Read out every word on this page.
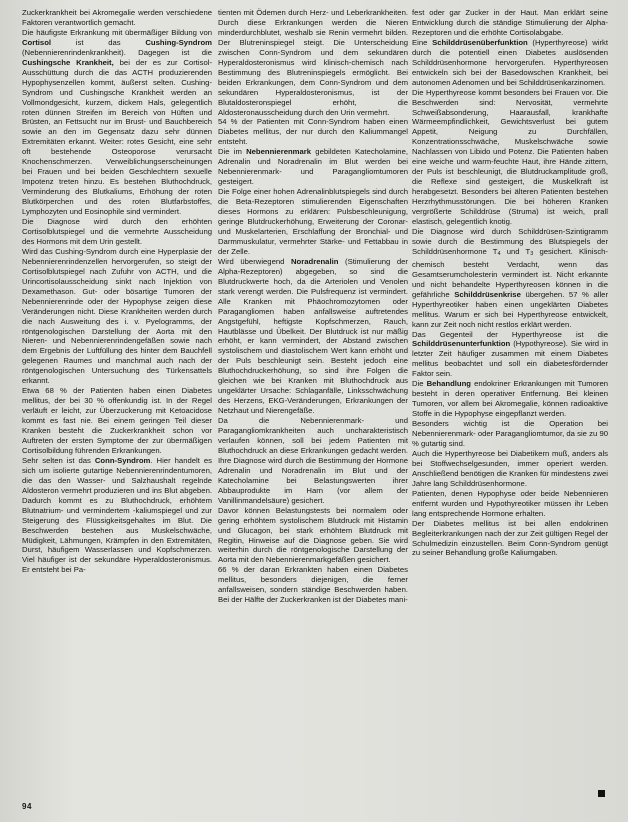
Zuckerkrankheit bei Akromegalie werden verschiedene Faktoren verantwortlich gemacht.

Die häufigste Erkrankung mit übermäßiger Bildung von Cortisol ist das Cushing-Syndrom (Nebennierenrindenkrankheit). Dagegen ist die Cushingsche Krankheit, bei der es zur Cortisol-Ausschüttung durch die das ACTH produzierenden Hypophysenzellen kommt, äußerst selten. Cushing-Syndrom und Cushingsche Krankheit werden an Vollmondgesicht, kurzem, dickem Hals, gelegentlich roten dünnen Streifen im Bereich von Hüften und Brüsten, an Fettsucht nur im Brust- und Bauchbereich sowie an den im Gegensatz dazu sehr dünnen Extremitäten erkannt. Weiter: rotes Gesicht, eine sehr oft bestehende Osteoporose verursacht Knochenschmerzen. Verweiblichungserscheinungen bei Frauen und bei beiden Geschlechtern sexuelle Impotenz treten hinzu. Es bestehen Bluthochdruck, Verminderung des Blutkaliums, Erhöhung der roten Blutkörperchen und des roten Blutfarbstoffes, Lymphozyten und Eosinophile sind vermindert.

Die Diagnose wird durch den erhöhten Cortisolblutspiegel und die vermehrte Ausscheidung des Hormons mit dem Urin gestellt.

Wird das Cushing-Syndrom durch eine Hyperplasie der Nebennierenrindenzellen hervorgerufen, so steigt der Cortisolblutspiegel nach Zufuhr von ACTH, und die Urincortisolausscheidung sinkt nach Injektion von Dexamethason. Gut- oder bösartige Tumoren der Nebennierenrinde oder der Hypophyse zeigen diese Veränderungen nicht. Diese Krankheiten werden durch die nach Ausweitung des i. v. Pyelogramms, der röntgenologischen Darstellung der Aorta mit den Nieren- und Nebennierenrindengefäßen sowie nach dem Ergebnis der Luftfüllung des hinter dem Bauchfell gelegenen Raumes und manchmal auch nach der röntgenologischen Untersuchung des Türkensattels erkannt.

Etwa 68 % der Patienten haben einen Diabetes mellitus, der bei 30 % offenkundig ist. In der Regel verläuft er leicht, zur Überzuckerung mit Ketoacidose kommt es fast nie. Bei einem geringen Teil dieser Kranken besteht die Zuckerkrankheit schon vor Auftreten der ersten Symptome der zur übermäßigen Cortisolbildung führenden Erkrankungen.

Sehr selten ist das Conn-Syndrom. Hier handelt es sich um isolierte gutartige Nebennierenrindentumoren, die das den Wasser- und Salzhaushalt regelnde Aldosteron vermehrt produzieren und ins Blut abgeben. Dadurch kommt es zu Bluthochdruck, erhöhtem Blutnatrium- und vermindertem -kaliumspiegel und zur Steigerung des Flüssigkeitsgehaltes im Blut. Die Beschwerden bestehen aus Muskelschwäche, Müdigkeit, Lähmungen, Krämpfen in den Extremitäten, Durst, häufigem Wasserlassen und Kopfschmerzen. Viel häufiger ist der sekundäre Hyperaldosteronismus. Er entsteht bei Pa-

tienten mit Ödemen durch Herz- und Leberkrankheiten. Durch diese Erkrankungen werden die Nieren minderdurchblutet, weshalb sie Renin vermehrt bilden. Der Blutreninspiegel steigt. Die Unterscheidung zwischen Conn-Syndrom und dem sekundären Hyperaldosteronismus wird klinisch-chemisch nach Bestimmung des Blutreninspiegels ermöglicht. Bei beiden Erkrankungen, dem Conn-Syndrom und dem sekundären Hyperaldosteronismus, ist der Blutaldosteronspiegel erhöht, die Aldosteronausscheidung durch den Urin vermehrt.

54 % der Patienten mit Conn-Syndrom haben einen Diabetes mellitus, der nur durch den Kaliummangel entsteht.

Die im Nebennierenmark gebildeten Katecholamine, Adrenalin und Noradrenalin im Blut werden bei Nebennierenmark- und Paragangliomtumoren gesteigert.

Die Folge einer hohen Adrenalinblutspiegels sind durch die Beta-Rezeptoren stimulierenden Eigenschaften dieses Hormons zu erklären: Pulsbeschleunigung, geringe Blutdruckerhöhung, Erweiterung der Coronar- und Muskelarterien, Erschlaffung der Bronchial- und Darmmuskulatur, vermehrter Stärke- und Fettabbau in der Zelle.

Wird überwiegend Noradrenalin (Stimulierung der Alpha-Rezeptoren) abgegeben, so sind die Blutdruckwerte hoch, da die Arteriolen und Venolen stark verengt werden. Die Pulsfrequenz ist vermindert. Alle Kranken mit Phäochromozytomen oder Paragangliomen haben anfallsweise auftretendes Angstgefühl, heftigste Kopfschmerzen, Rauch, Hautblässe und Übelkeit. Der Blutdruck ist nur mäßig erhöht, er kann vermindert, der Abstand zwischen systolischem und diastolischem Wert kann erhöht und der Puls beschleunigt sein. Besteht jedoch eine Bluthochdruckerhöhung, so sind ihre Folgen die gleichen wie bei Kranken mit Bluthochdruck aus ungeklärter Ursache: Schlaganfälle, Linksschwächung des Herzens, EKG-Veränderungen, Erkrankungen der Netzhaut und Nierengefäße.

Da die Nebennierenmark- und Paragangliomkrankheiten auch uncharakteristisch verlaufen können, soll bei jedem Patienten mit Bluthochdruck an diese Erkrankungen gedacht werden. Ihre Diagnose wird durch die Bestimmung der Hormone Adrenalin und Noradrenalin im Blut und der Katecholamine bei Belastungswerten ihrer Abbauprodukte im Harn (vor allem der Vanillinmandelsäure) gesichert.

Davor können Belastungstests bei normalem oder gering erhöhtem systolischem Blutdruck mit Histamin und Glucagon, bei stark erhöhtem Blutdruck mit Regitin, Hinweise auf die Diagnose geben. Sie wird weiterhin durch die röntgenologische Darstellung der Aorta mit den Nebennierenmarkgefäßen gesichert.

66 % der daran Erkrankten haben einen Diabetes mellitus, besonders diejenigen, die ferner anfallsweisen, sondern ständige Beschwerden haben. Bei der Hälfte der Zuckerkranken ist der Diabetes mani-

fest oder gar Zucker in der Haut. Man erklärt seine Entwicklung durch die ständige Stimulierung der Alpha-Rezeptoren und die erhöhte Cortisolabgabe.

Eine Schilddrüsenüberfunktion (Hyperthyreose) wirkt durch die potentiell einen Diabetes auslösenden Schilddrüsenhormone hervorgerufen. Hyperthyreosen entwickeln sich bei der Basedowschen Krankheit, bei autonomen Adenomen und bei Schilddrüsenkarzinomen.

Die Hyperthyreose kommt besonders bei Frauen vor. Die Beschwerden sind: Nervosität, vermehrte Schweißabsonderung, Haarausfall, krankhafte Wärmeempfindlichkeit, Gewichtsverlust bei gutem Appetit, Neigung zu Durchfällen, Konzentrationsschwäche, Muskelschwäche sowie Nachlassen von Libido und Potenz. Die Patienten haben eine weiche und warm-feuchte Haut, ihre Hände zittern, der Puls ist beschleunigt, die Blutdruckamplitude groß, die Reflexe sind gesteigert, die Muskelkraft ist herabgesetzt. Besonders bei älteren Patienten bestehen Herzrhythmusstörungen. Die bei höheren Kranken vergrößerte Schilddrüse (Struma) ist weich, prall elastisch, gelegentlich knotig.

Die Diagnose wird durch Schilddrüsen-Szintigramm sowie durch die Bestimmung des Blutspiegels der Schilddrüsenhormone $T_4$ und $T_3$ gesichert. Klinisch-chemisch besteht Verdacht, wenn das Gesamtserumcholesterin vermindert ist. Nicht erkannte und nicht behandelte Hyperthyreosen können in die gefährliche Schilddrüsenkrise übergehen. 57 % aller Hyperthyreotiker haben einen ungeklärten Diabetes mellitus. Warum er sich bei Hyperthyreose entwickelt, kann zur Zeit noch nicht restlos erklärt werden.

Das Gegenteil der Hyperthyreose ist die Schilddrüsenunterfunktion (Hypothyreose). Sie wird in letzter Zeit häufiger zusammen mit einem Diabetes mellitus beobachtet und soll ein diabetesfördernder Faktor sein.

Die Behandlung endokriner Erkrankungen mit Tumoren besteht in deren operativer Entfernung. Bei kleinen Tumoren, vor allem bei Akromegalie, können radioaktive Stoffe in die Hypophyse eingepflanzt werden.

Besonders wichtig ist die Operation bei Nebennierenmark- oder Paragangliomtumor, da sie zu 90 % gutartig sind.

Auch die Hyperthyreose bei Diabetikern muß, anders als bei Stoffwechselgesunden, immer operiert werden. Anschließend benötigen die Kranken für mindestens zwei Jahre lang Schilddrüsenhormone.

Patienten, denen Hypophyse oder beide Nebennieren entfernt wurden und Hypothyreotiker müssen ihr Leben lang entsprechende Hormone erhalten.

Der Diabetes mellitus ist bei allen endokrinen Begleiterkrankungen nach der zur Zeit gültigen Regel der Schulmedizin einzustellen. Beim Conn-Syndrom genügt zu seiner Behandlung große Kaliumgaben.

94
